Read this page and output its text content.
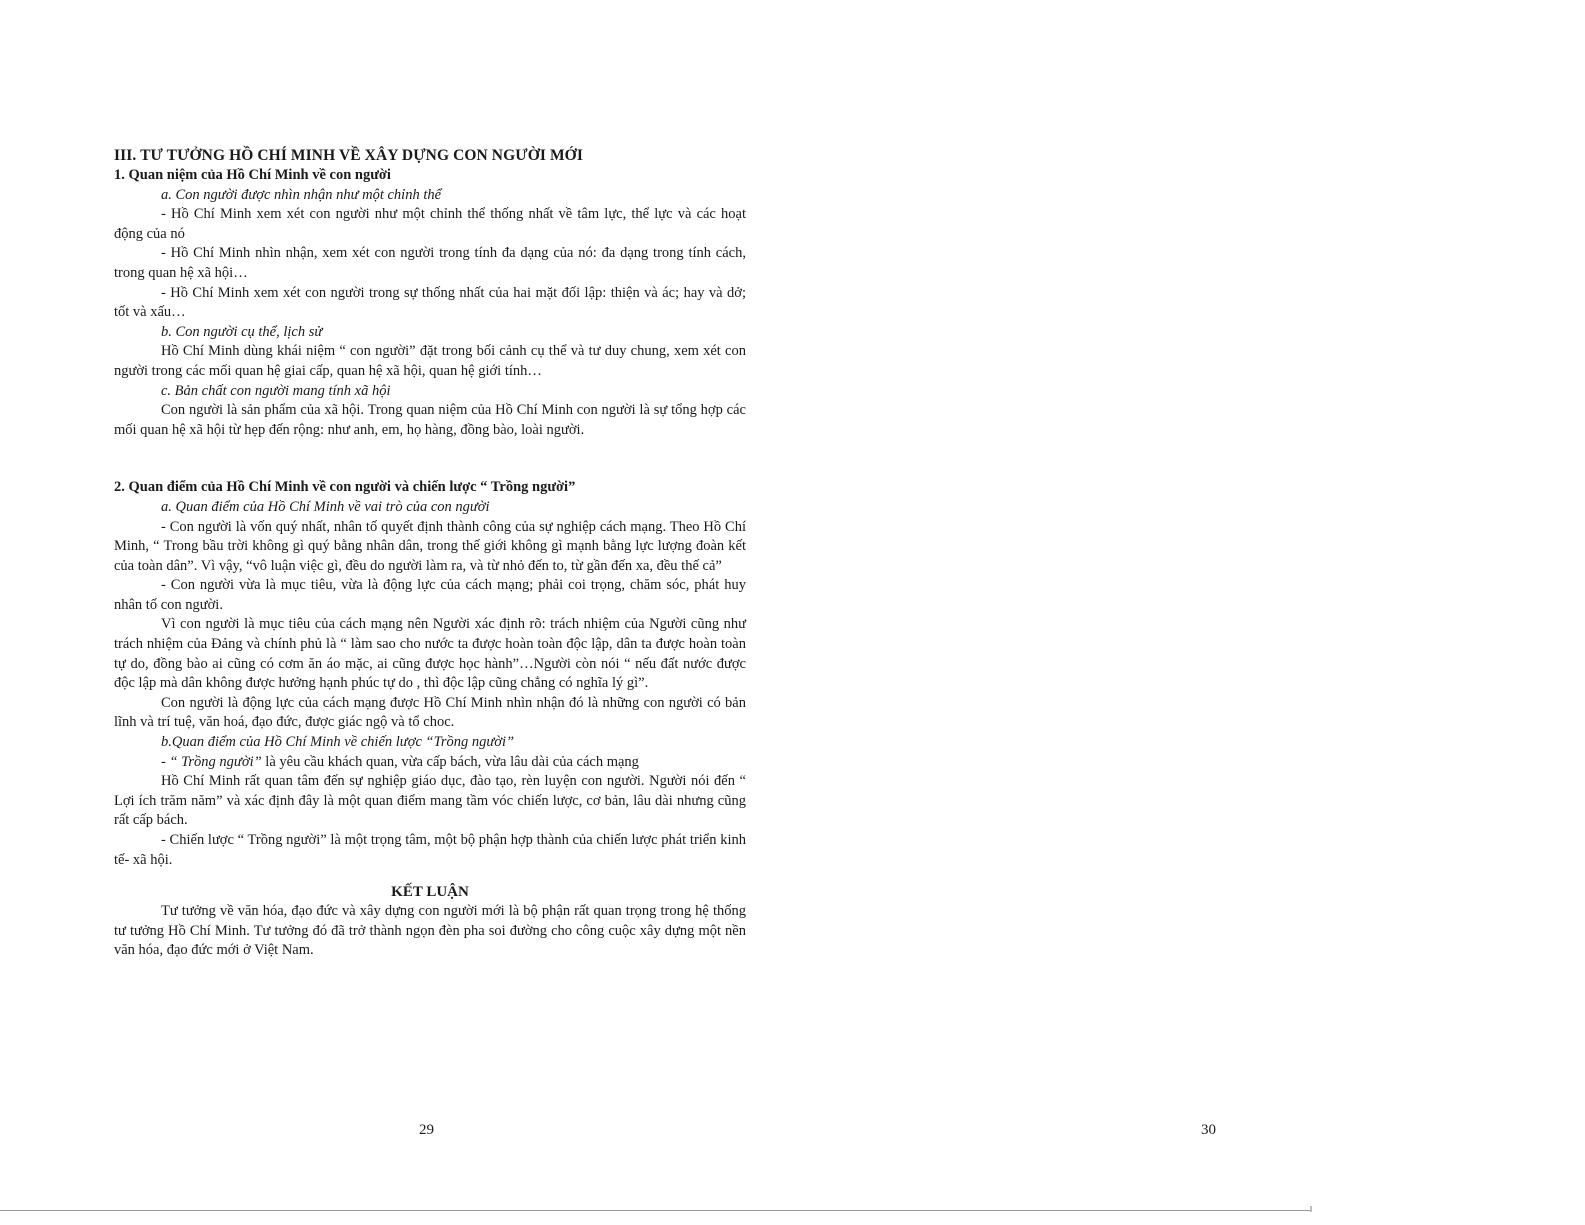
III. TƯ TƯỞNG HỒ CHÍ MINH VỀ XÂY DỰNG CON NGƯỜI MỚI

1. Quan niệm của Hồ Chí Minh về con người

a. Con người được nhìn nhận như một chỉnh thể

- Hồ Chí Minh xem xét con người như một chỉnh thể thống nhất về tâm lực, thể lực và các hoạt động của nó

- Hồ Chí Minh nhìn nhận, xem xét con người trong tính đa dạng của nó: đa dạng trong tính cách, trong quan hệ xã hội…

- Hồ Chí Minh xem xét con người trong sự thống nhất của hai mặt đối lập: thiện và ác; hay và dở; tốt và xấu…

b. Con người cụ thể, lịch sử

Hồ Chí Minh dùng khái niệm “ con người” đặt trong bối cảnh cụ thể và tư duy chung, xem xét con người trong các mối quan hệ giai cấp, quan hệ xã hội, quan hệ giới tính…

c. Bản chất con người mang tính xã hội

Con người là sản phẩm của xã hội. Trong quan niệm của Hồ Chí Minh con người là sự tổng hợp các mối quan hệ xã hội từ hẹp đến rộng: như anh, em, họ hàng, đồng bào, loài người.

2. Quan điểm của Hồ Chí Minh về con người và chiến lược “ Trồng người”

a. Quan điểm của Hồ Chí Minh về vai trò của con người

- Con người là vốn quý nhất, nhân tố quyết định thành công của sự nghiệp cách mạng. Theo Hồ Chí Minh, “ Trong bầu trời không gì quý bằng nhân dân, trong thế giới không gì mạnh bằng lực lượng đoàn kết của toàn dân”. Vì vậy, “vô luận việc gì, đều do người làm ra, và từ nhỏ đến to, từ gần đến xa, đều thế cả”

- Con người vừa là mục tiêu, vừa là động lực của cách mạng; phải coi trọng, chăm sóc, phát huy nhân tố con người.

Vì con người là mục tiêu của cách mạng nên Người xác định rõ: trách nhiệm của Người cũng như trách nhiệm của Đảng và chính phủ là “ làm sao cho nước ta được hoàn toàn độc lập, dân ta được hoàn toàn tự do, đồng bào ai cũng có cơm ăn áo mặc, ai cũng được học hành”…Người còn nói “ nếu đất nước được độc lập mà dân không được hưởng hạnh phúc tự do , thì độc lập cũng chẳng có nghĩa lý gì”.

Con người là động lực của cách mạng được Hồ Chí Minh nhìn nhận đó là những con người có bản lĩnh và trí tuệ, văn hoá, đạo đức, được giác ngộ và tổ choc.

b.Quan điểm của Hồ Chí Minh về chiến lược “Trồng người”

- “ Trồng người” là yêu cầu khách quan, vừa cấp bách, vừa lâu dài của cách mạng

Hồ Chí Minh rất quan tâm đến sự nghiệp giáo dục, đào tạo, rèn luyện con người. Người nói đến “ Lợi ích trăm năm” và xác định đây là một quan điểm mang tầm vóc chiến lược, cơ bản, lâu dài nhưng cũng rất cấp bách.

- Chiến lược “ Trồng người” là một trọng tâm, một bộ phận hợp thành của chiến lược phát triển kinh tế- xã hội.

KẾT LUẬN

Tư tưởng về văn hóa, đạo đức và xây dựng con người mới là bộ phận rất quan trọng trong hệ thống tư tưởng Hồ Chí Minh. Tư tưởng đó đã trở thành ngọn đèn pha soi đường cho công cuộc xây dựng một nền văn hóa, đạo đức mới ở Việt Nam.

29	30
